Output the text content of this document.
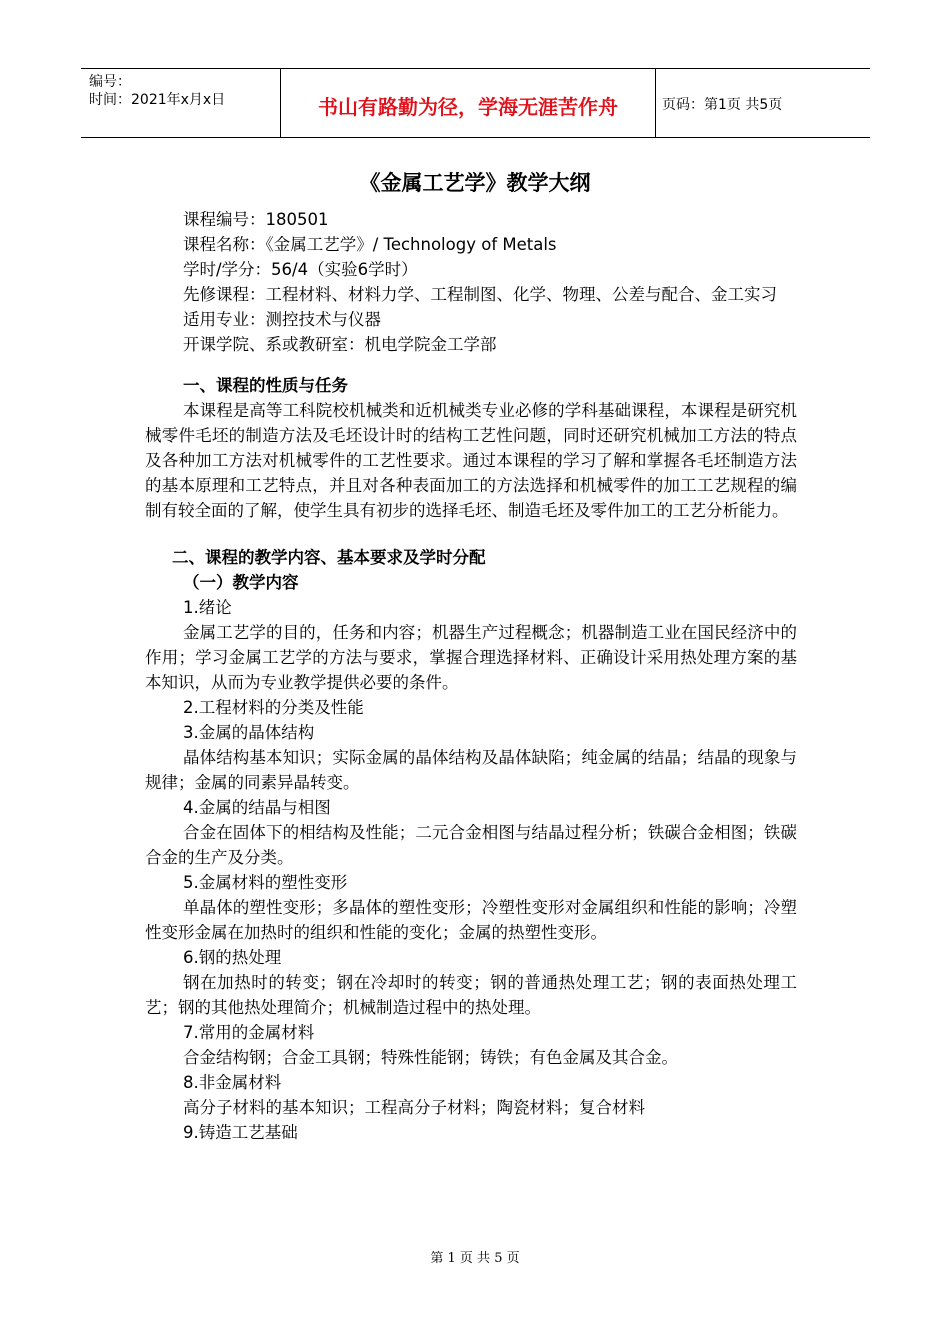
编号：
时间：2021年x月x日	书山有路勤为径，学海无涯苦作舟	页码：第1页 共5页
《金属工艺学》教学大纲

课程编号：180501

课程名称：《金属工艺学》/ Technology of Metals

学时/学分：56/4（实验6学时）

先修课程：工程材料、材料力学、工程制图、化学、物理、公差与配合、金工实习

适用专业：测控技术与仪器

开课学院、系或教研室：机电学院金工学部

一、课程的性质与任务

本课程是高等工科院校机械类和近机械类专业必修的学科基础课程，本课程是研究机械零件毛坯的制造方法及毛坯设计时的结构工艺性问题，同时还研究机械加工方法的特点及各种加工方法对机械零件的工艺性要求。通过本课程的学习了解和掌握各毛坯制造方法的基本原理和工艺特点，并且对各种表面加工的方法选择和机械零件的加工工艺规程的编制有较全面的了解，使学生具有初步的选择毛坯、制造毛坯及零件加工的工艺分析能力。

二、课程的教学内容、基本要求及学时分配

（一）教学内容

1.绪论

金属工艺学的目的，任务和内容；机器生产过程概念；机器制造工业在国民经济中的作用；学习金属工艺学的方法与要求，掌握合理选择材料、正确设计采用热处理方案的基本知识，从而为专业教学提供必要的条件。

2.工程材料的分类及性能

3.金属的晶体结构

晶体结构基本知识；实际金属的晶体结构及晶体缺陷；纯金属的结晶；结晶的现象与规律；金属的同素异晶转变。

4.金属的结晶与相图

合金在固体下的相结构及性能；二元合金相图与结晶过程分析；铁碳合金相图；铁碳合金的生产及分类。

5.金属材料的塑性变形

单晶体的塑性变形；多晶体的塑性变形；冷塑性变形对金属组织和性能的影响；冷塑性变形金属在加热时的组织和性能的变化；金属的热塑性变形。

6.钢的热处理

钢在加热时的转变；钢在冷却时的转变；钢的普通热处理工艺；钢的表面热处理工艺；钢的其他热处理简介；机械制造过程中的热处理。

7.常用的金属材料

合金结构钢；合金工具钢；特殊性能钢；铸铁；有色金属及其合金。

8.非金属材料

高分子材料的基本知识；工程高分子材料；陶瓷材料；复合材料

9.铸造工艺基础

第 1 页 共 5 页
